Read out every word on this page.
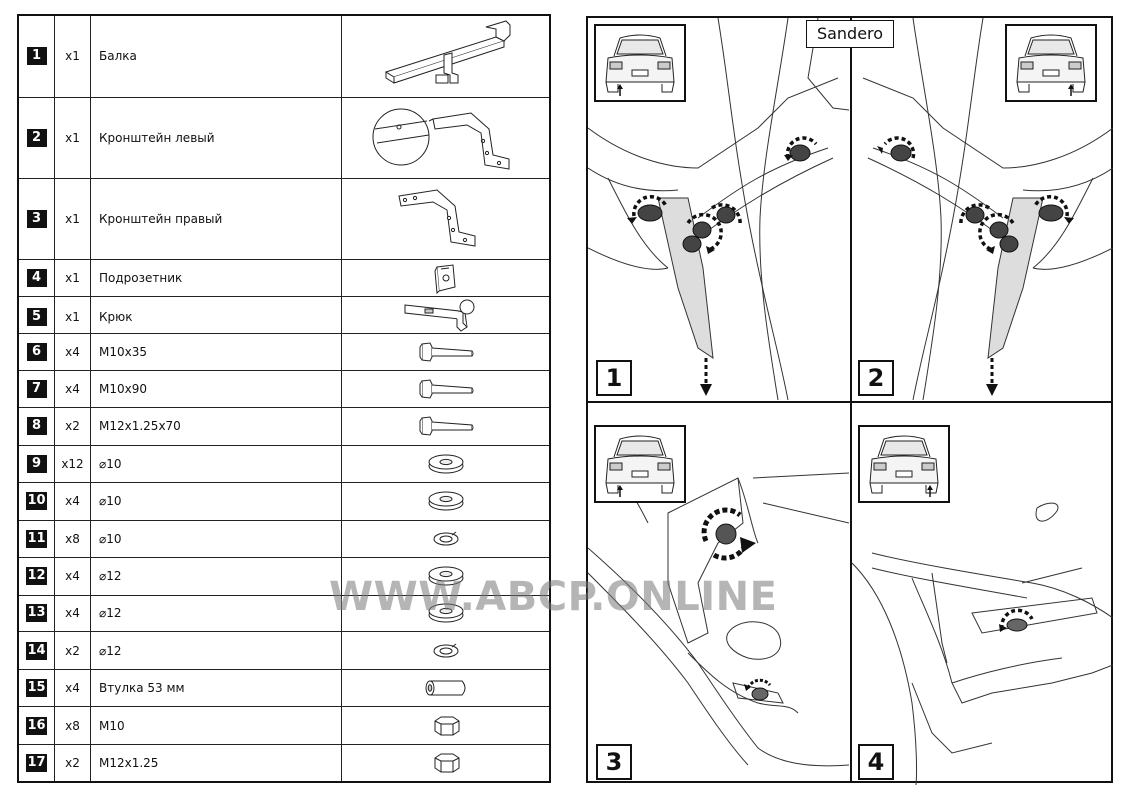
1	x1	Балка
2	x1	Кронштейн левый
3	x1	Кронштейн правый
4	x1	Подрозетник
5	x1	Крюк
6	x4	M10x35
7	x4	M10x90
8	x2	M12x1.25x70
9	x12	⌀10
10	x4	⌀10
11	x8	⌀10
12	x4	⌀12
13	x4	⌀12
14	x2	⌀12
15	x4	Втулка 53 мм
16	x8	M10
17	x2	M12x1.25
1	2
3	4
Sandero
WWW.ABCP.ONLINE
